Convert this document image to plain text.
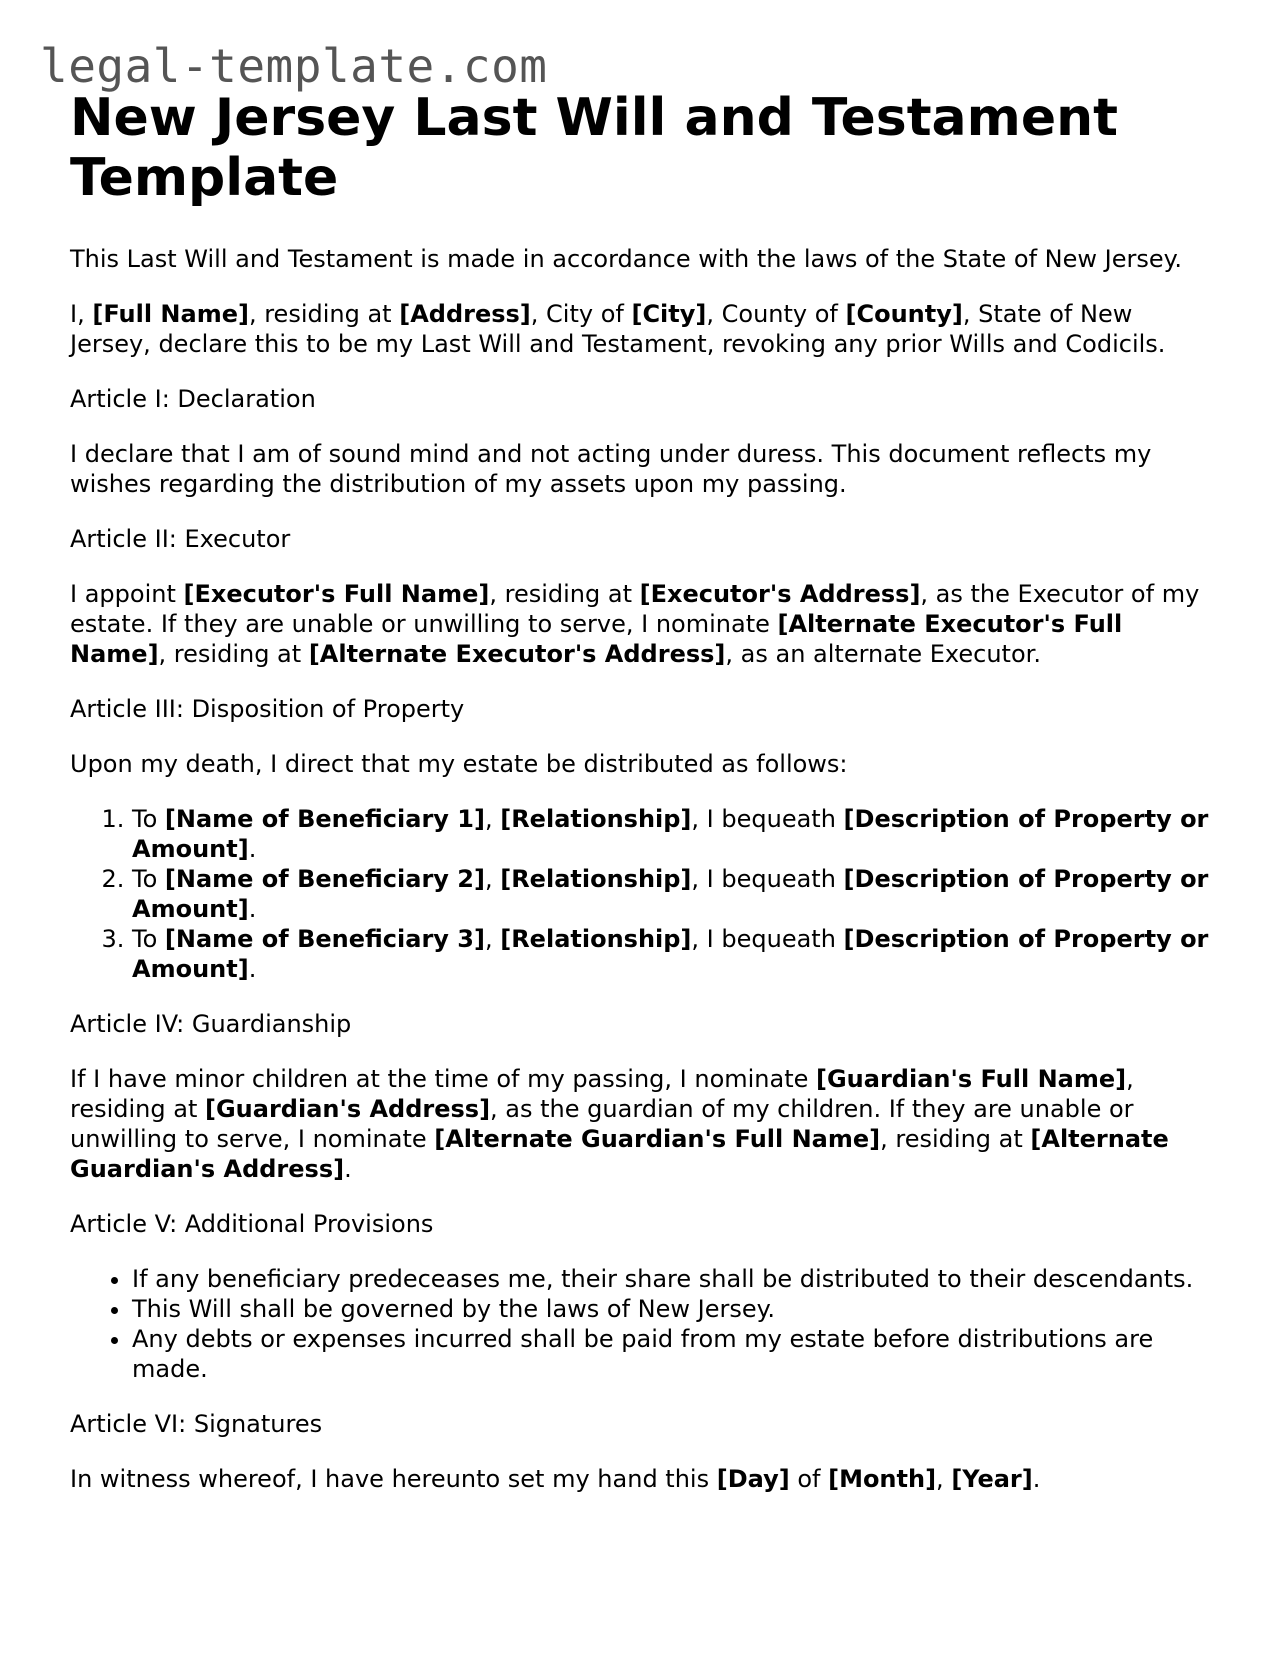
legal-template.com
New Jersey Last Will and Testament Template

This Last Will and Testament is made in accordance with the laws of the State of New Jersey.

I, [Full Name], residing at [Address], City of [City], County of [County], State of New Jersey, declare this to be my Last Will and Testament, revoking any prior Wills and Codicils.

Article I: Declaration

I declare that I am of sound mind and not acting under duress. This document reflects my wishes regarding the distribution of my assets upon my passing.

Article II: Executor

I appoint [Executor's Full Name], residing at [Executor's Address], as the Executor of my estate. If they are unable or unwilling to serve, I nominate [Alternate Executor's Full Name], residing at [Alternate Executor's Address], as an alternate Executor.

Article III: Disposition of Property

Upon my death, I direct that my estate be distributed as follows:

1. To [Name of Beneficiary 1], [Relationship], I bequeath [Description of Property or Amount].
2. To [Name of Beneficiary 2], [Relationship], I bequeath [Description of Property or Amount].
3. To [Name of Beneficiary 3], [Relationship], I bequeath [Description of Property or Amount].

Article IV: Guardianship

If I have minor children at the time of my passing, I nominate [Guardian's Full Name], residing at [Guardian's Address], as the guardian of my children. If they are unable or unwilling to serve, I nominate [Alternate Guardian's Full Name], residing at [Alternate Guardian's Address].

Article V: Additional Provisions

• If any beneficiary predeceases me, their share shall be distributed to their descendants.
• This Will shall be governed by the laws of New Jersey.
• Any debts or expenses incurred shall be paid from my estate before distributions are made.

Article VI: Signatures

In witness whereof, I have hereunto set my hand this [Day] of [Month], [Year].
